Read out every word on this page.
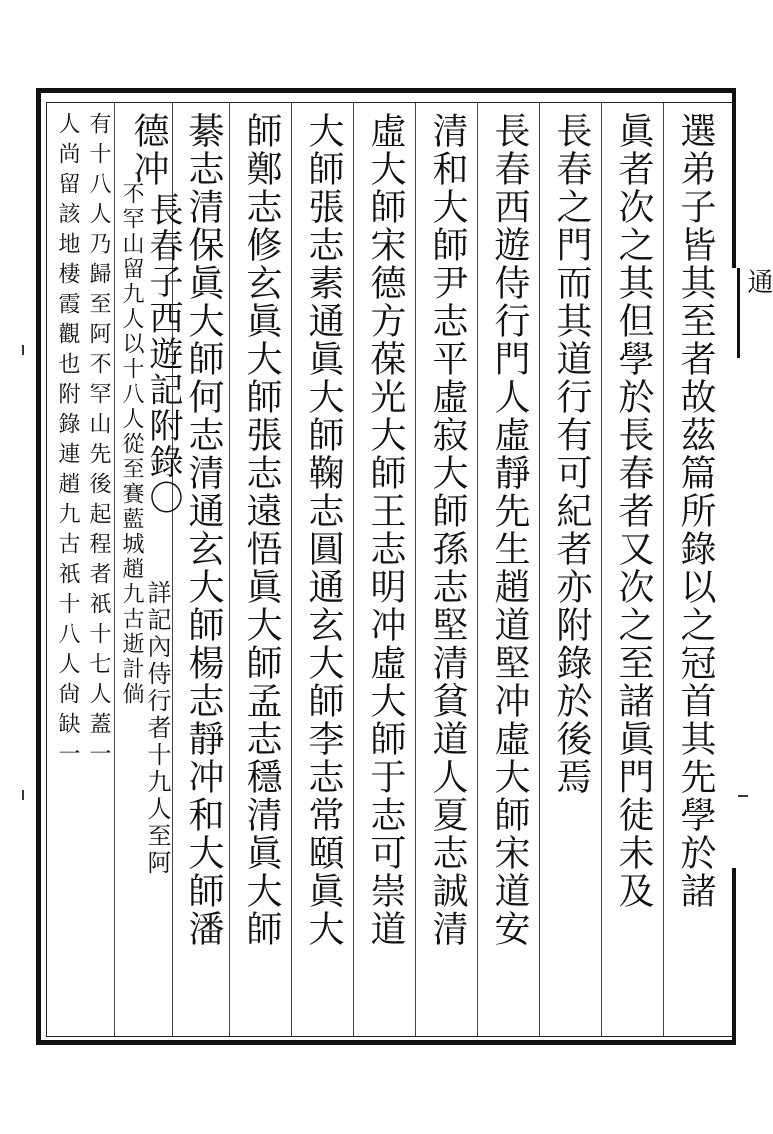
通
選弟子皆其至者故茲篇所錄以之冠首其先學於諸
眞者次之其但學於長春者又次之至諸眞門徒未及
長春之門而其道行有可紀者亦附錄於後焉
長春西遊侍行門人虛靜先生趙道堅冲虛大師宋道安
清和大師尹志平虛寂大師孫志堅清貧道人夏志誠清
虛大師宋德方葆光大師王志明冲虛大師于志可崇道
大師張志素通眞大師鞠志圓通玄大師李志常頤眞大
師鄭志修玄眞大師張志遠悟眞大師孟志穩清眞大師
綦志清保眞大師何志清通玄大師楊志靜冲和大師潘
德冲
長春子西遊記附錄〇
詳記內侍行者十九人至阿
不罕山留九人以十八人從至賽藍城趙九古逝計倘
有十八人乃歸至阿不罕山先後起程者祇十七人蓋一
人尚留該地棲霞觀也附錄連趙九古祇十八人尙缺一
